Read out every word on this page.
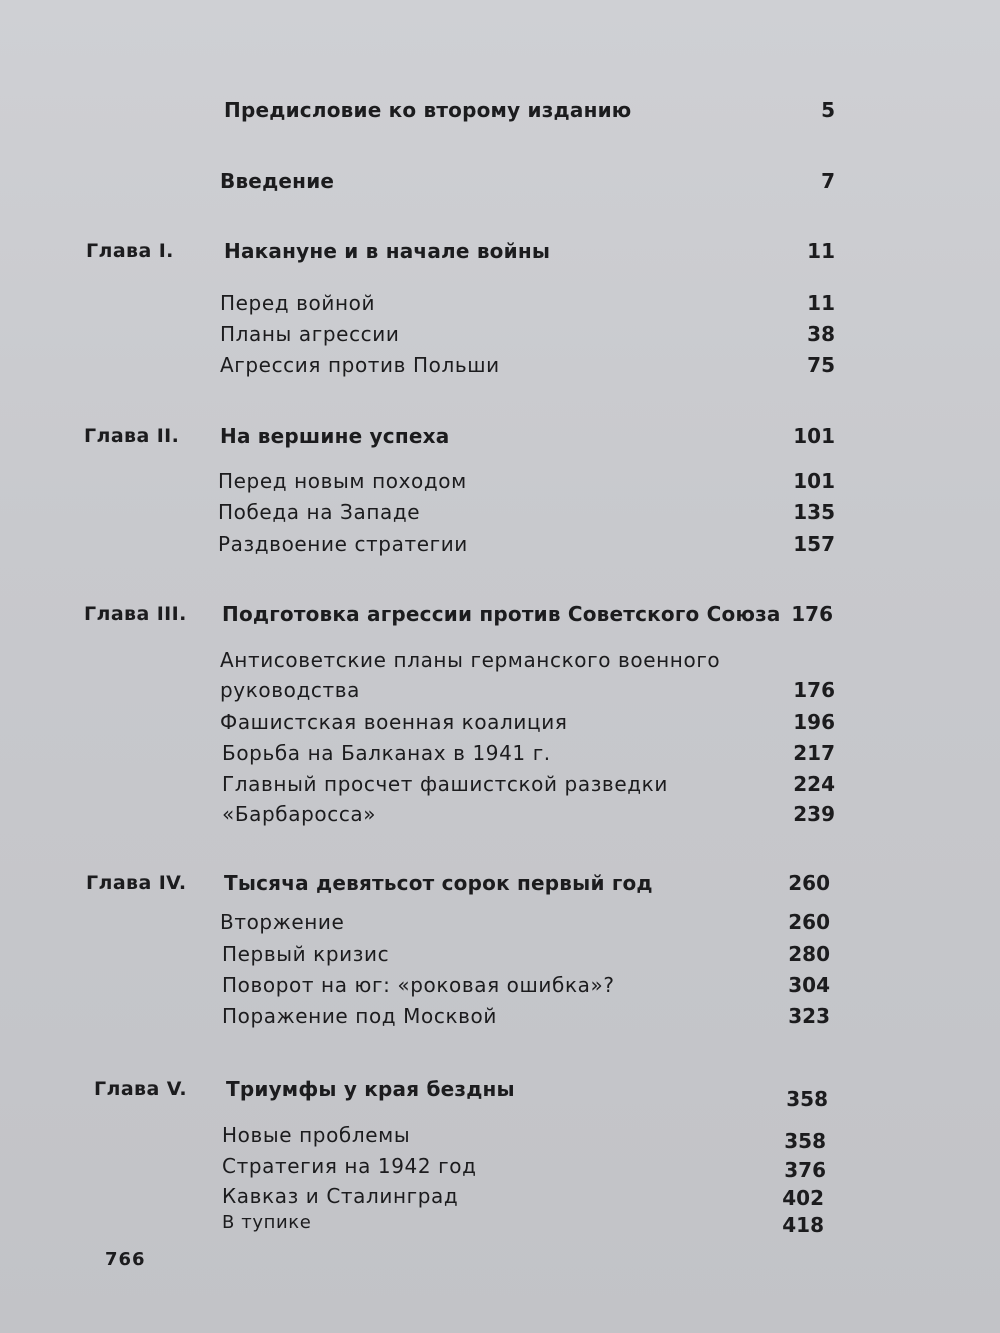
Предисловие ко второму изданию	5
Введение	7
Глава I.	Накануне и в начале войны	11
Перед войной	11
Планы агрессии	38
Агрессия против Польши	75
Глава II. На вершине успеха	101
Перед новым походом	101
Победа на Западе	135
Раздвоение стратегии	157
Глава III. Подготовка агрессии против Советского Союза 176
Антисоветские планы германского военного
руководства	176
Фашистская военная коалиция	196
Борьба на Балканах в 1941 г.	217
Главный просчет фашистской разведки	224
«Барбаросса»	239
Глава IV. Тысяча девятьсот сорок первый год	260
Вторжение	260
Первый кризис	280
Поворот на юг: «роковая ошибка»?	304
Поражение под Москвой	323
Глава V. Триумфы у края бездны	358
Новые проблемы	358
Стратегия на 1942 год	376
Кавказ и Сталинград	402
В тупике	418
766
